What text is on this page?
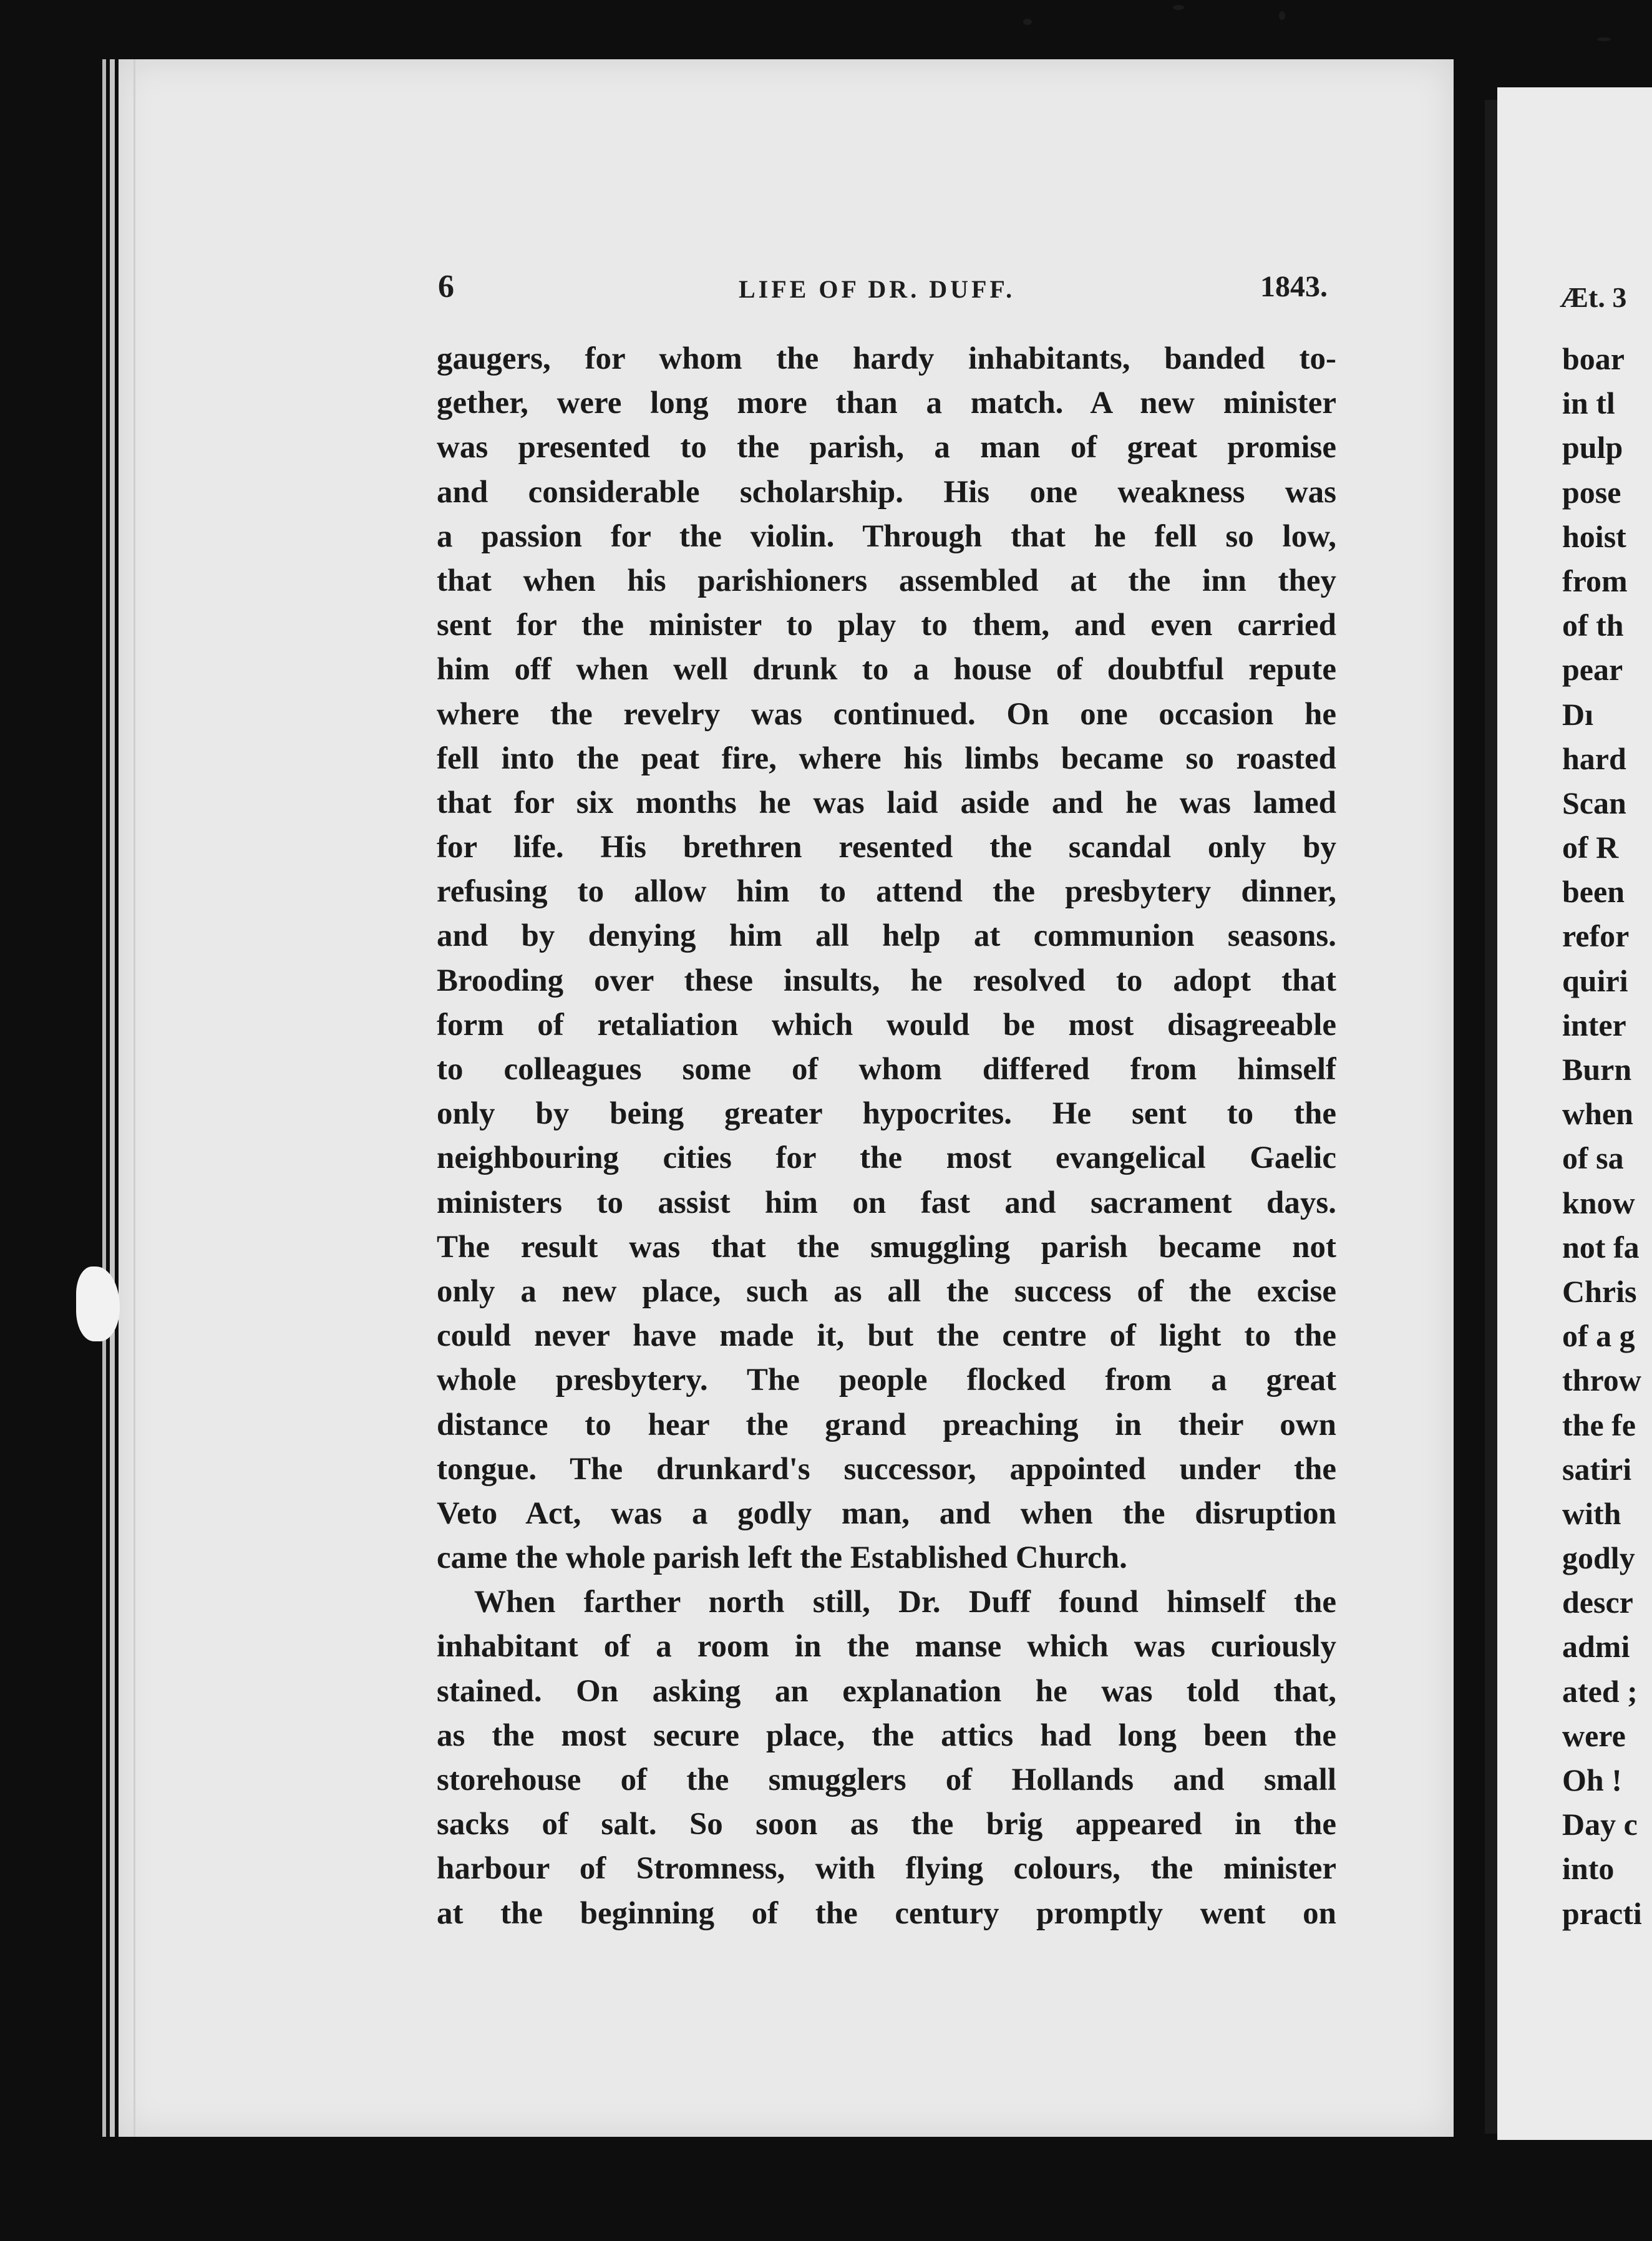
6	LIFE OF DR. DUFF.	1843.
gaugers, for whom the hardy inhabitants, banded to-
gether, were long more than a match. A new minister
was presented to the parish, a man of great promise
and considerable scholarship. His one weakness was
a passion for the violin. Through that he fell so low,
that when his parishioners assembled at the inn they
sent for the minister to play to them, and even carried
him off when well drunk to a house of doubtful repute
where the revelry was continued. On one occasion he
fell into the peat fire, where his limbs became so roasted
that for six months he was laid aside and he was lamed
for life. His brethren resented the scandal only by
refusing to allow him to attend the presbytery dinner,
and by denying him all help at communion seasons.
Brooding over these insults, he resolved to adopt that
form of retaliation which would be most disagreeable
to colleagues some of whom differed from himself
only by being greater hypocrites. He sent to the
neighbouring cities for the most evangelical Gaelic
ministers to assist him on fast and sacrament days.
The result was that the smuggling parish became not
only a new place, such as all the success of the excise
could never have made it, but the centre of light to the
whole presbytery. The people flocked from a great
distance to hear the grand preaching in their own
tongue. The drunkard's successor, appointed under the
Veto Act, was a godly man, and when the disruption
came the whole parish left the Established Church.
When farther north still, Dr. Duff found himself the
inhabitant of a room in the manse which was curiously
stained. On asking an explanation he was told that,
as the most secure place, the attics had long been the
storehouse of the smugglers of Hollands and small
sacks of salt. So soon as the brig appeared in the
harbour of Stromness, with flying colours, the minister
at the beginning of the century promptly went on
Æt. 3
boar
in tl
pulp
pose
hoist
from
of th
pear
Dı
hard
Scan
of R
been
refor
quiri
inter
Burn
when
of sa
know
not fa
Chris
of a g
throw
the fe
satiri
with
godly
descr
admi
ated ;
were
Oh !
Day c
into
practi
